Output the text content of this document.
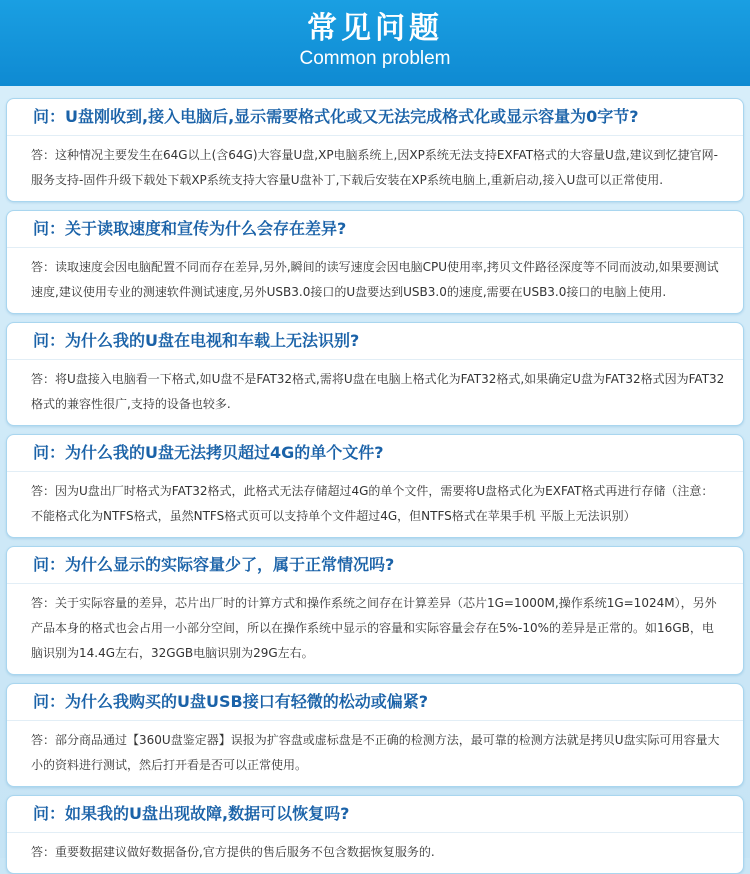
常见问题
Common problem
问：U盘刚收到,接入电脑后,显示需要格式化或又无法完成格式化或显示容量为0字节?
答：这种情况主要发生在64G以上(含64G)大容量U盘,XP电脑系统上,因XP系统无法支持EXFAT格式的大容量U盘,建议到忆捷官网-服务支持-固件升级下载处下载XP系统支持大容量U盘补丁,下载后安装在XP系统电脑上,重新启动,接入U盘可以正常使用.
问：关于读取速度和宣传为什么会存在差异?
答：读取速度会因电脑配置不同而存在差异,另外,瞬间的读写速度会因电脑CPU使用率,拷贝文件路径深度等不同而波动,如果要测试速度,建议使用专业的测速软件测试速度,另外USB3.0接口的U盘要达到USB3.0的速度,需要在USB3.0接口的电脑上使用.
问：为什么我的U盘在电视和车载上无法识别?
答：将U盘接入电脑看一下格式,如U盘不是FAT32格式,需将U盘在电脑上格式化为FAT32格式,如果确定U盘为FAT32格式因为FAT32格式的兼容性很广,支持的设备也较多.
问：为什么我的U盘无法拷贝超过4G的单个文件?
答：因为U盘出厂时格式为FAT32格式，此格式无法存储超过4G的单个文件，需要将U盘格式化为EXFAT格式再进行存储（注意：不能格式化为NTFS格式，虽然NTFS格式页可以支持单个文件超过4G，但NTFS格式在苹果手机 平版上无法识别）
问：为什么显示的实际容量少了，属于正常情况吗?
答：关于实际容量的差异，芯片出厂时的计算方式和操作系统之间存在计算差异（芯片1G=1000M,操作系统1G=1024M），另外产品本身的格式也会占用一小部分空间，所以在操作系统中显示的容量和实际容量会存在5%-10%的差异是正常的。如16GB，电脑识别为14.4G左右，32GGB电脑识别为29G左右。
问：为什么我购买的U盘USB接口有轻微的松动或偏紧?
答：部分商品通过【360U盘鉴定器】误报为扩容盘或虚标盘是不正确的检测方法，最可靠的检测方法就是拷贝U盘实际可用容量大小的资料进行测试，然后打开看是否可以正常使用。
问：如果我的U盘出现故障,数据可以恢复吗?
答：重要数据建议做好数据备份,官方提供的售后服务不包含数据恢复服务的.
